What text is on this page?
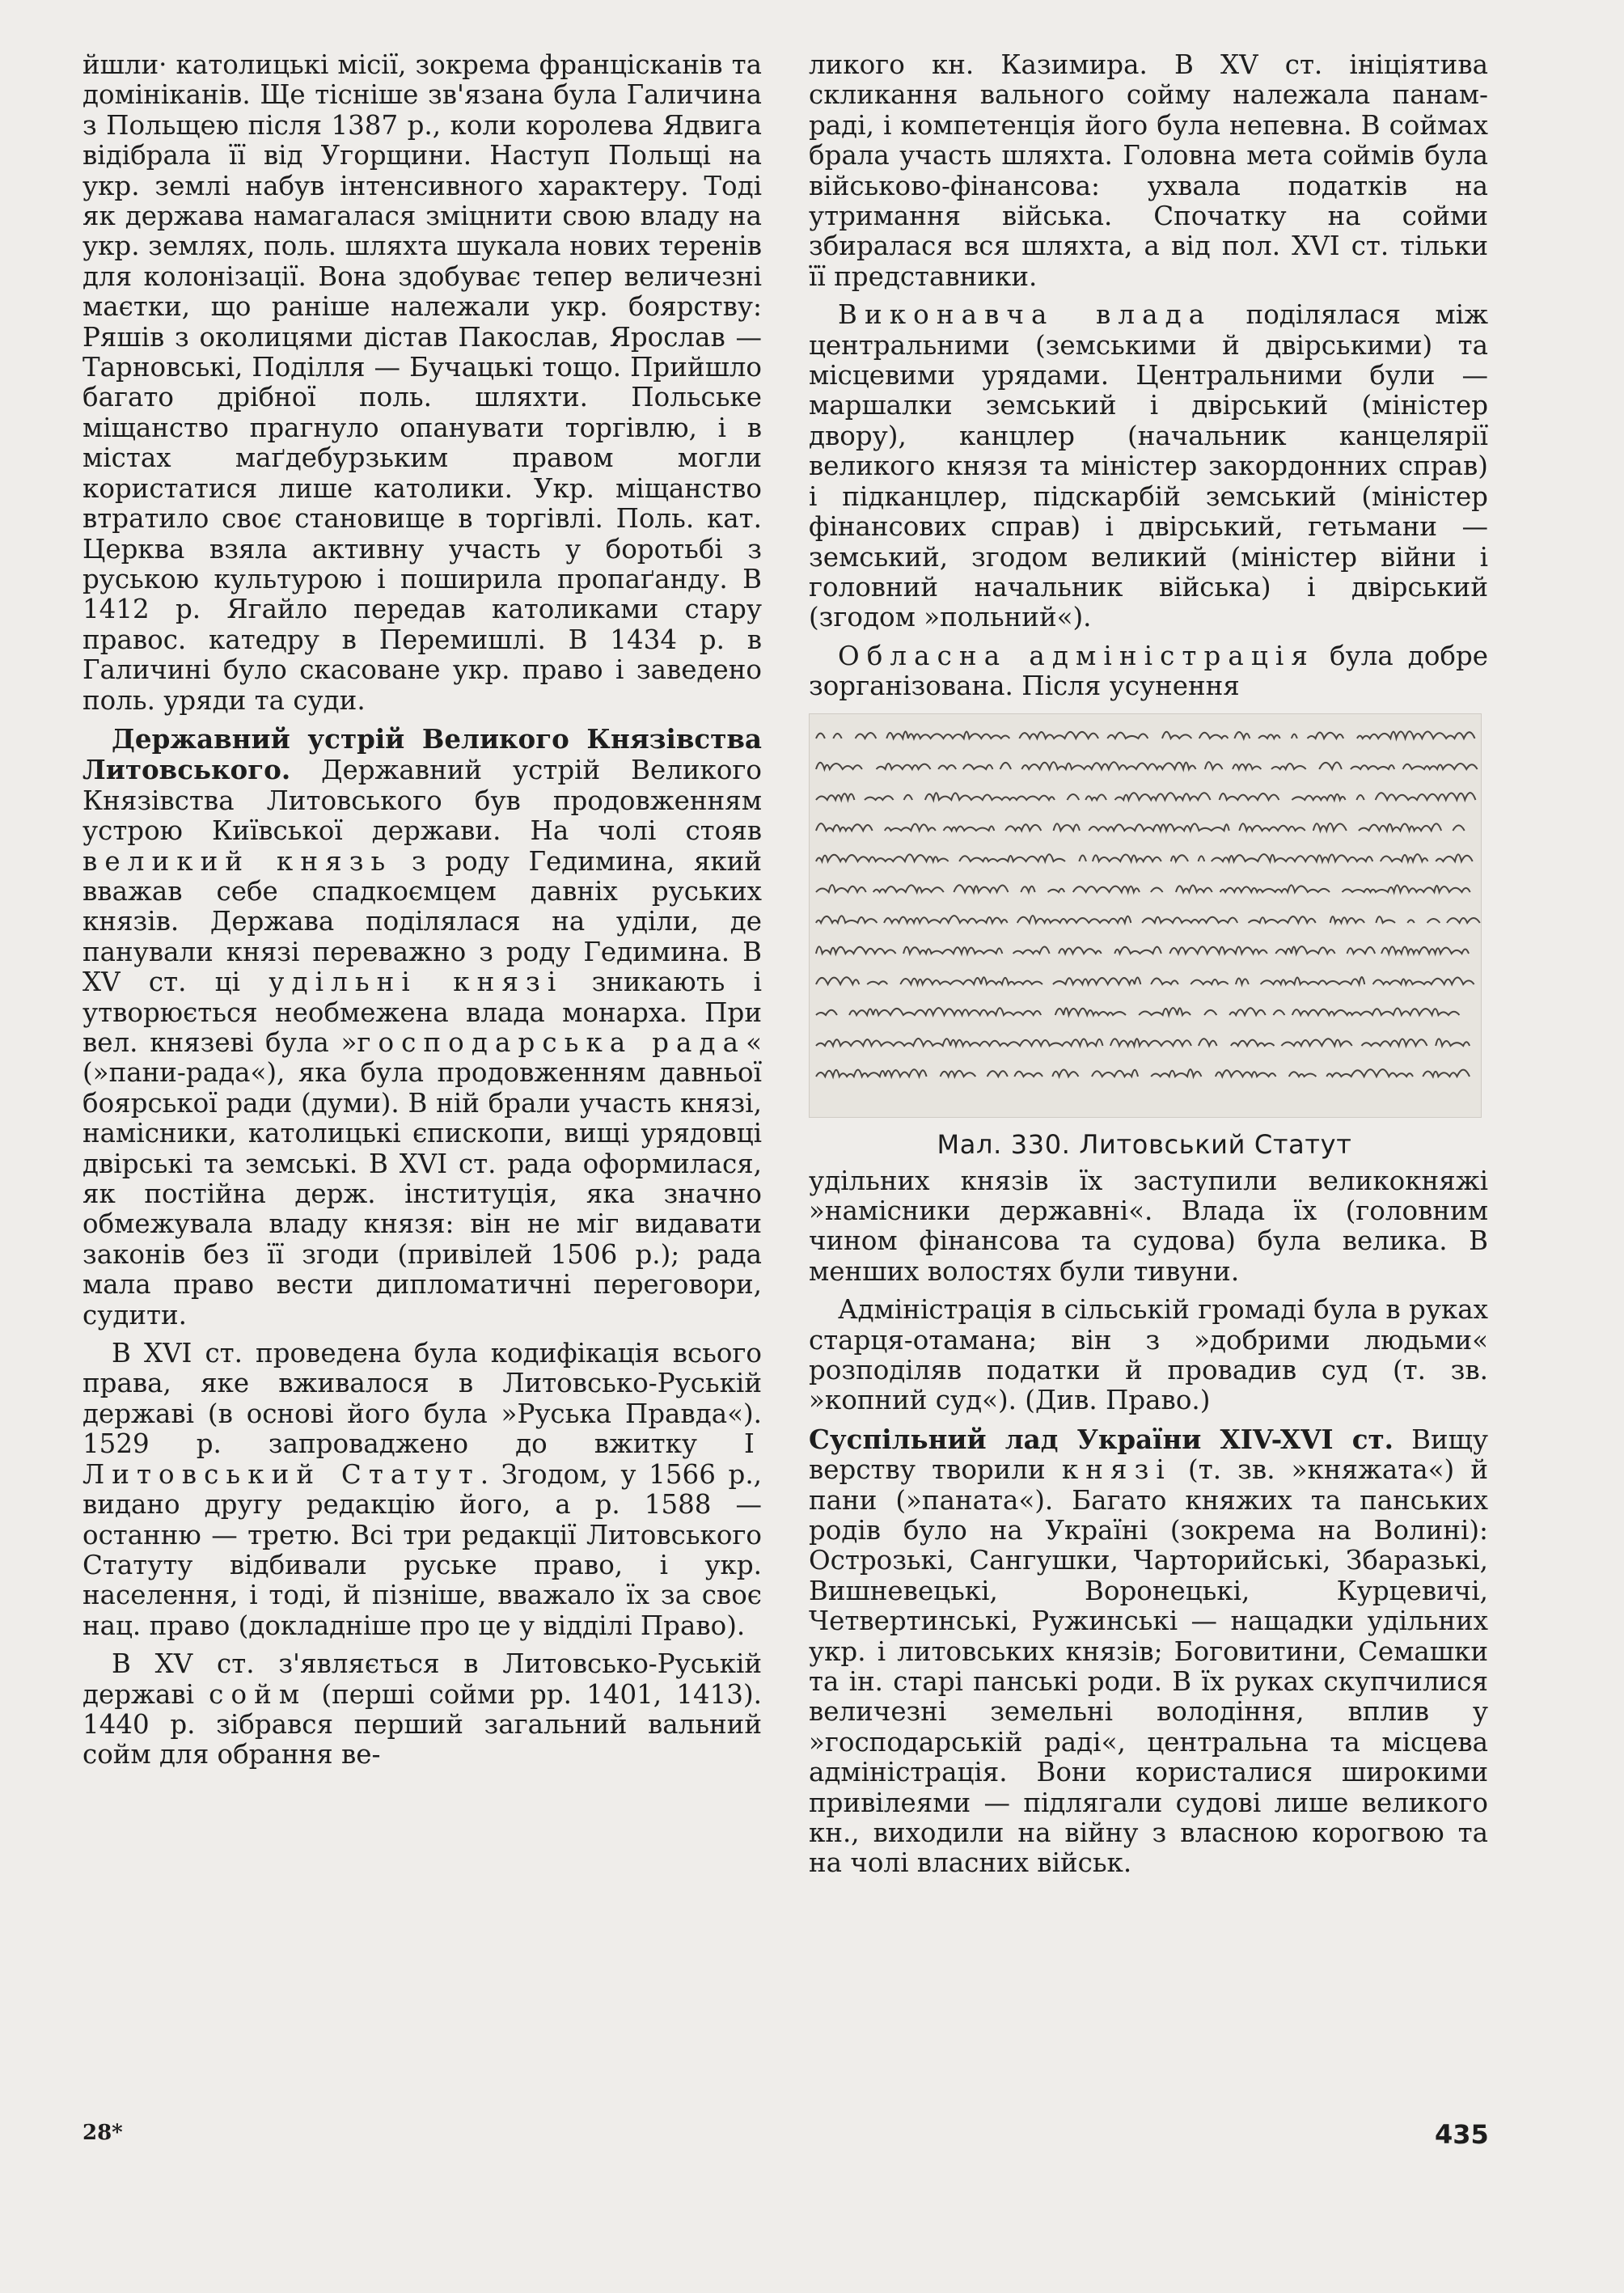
йшли· католицькі місії, зокрема францісканів та домініканів. Ще тісніше зв'язана була Галичина з Польщею після 1387 р., коли королева Ядвига відібрала її від Угорщини. Наступ Польщі на укр. землі набув інтенсивного характеру. Тоді як держава намагалася зміцнити свою владу на укр. землях, поль. шляхта шукала нових теренів для колонізації. Вона здобуває тепер величезні маєтки, що раніше належали укр. боярству: Ряшів з околицями дістав Пакослав, Ярослав — Тарновські, Поділля — Бучацькі тощо. Прийшло багато дрібної поль. шляхти. Польське міщанство прагнуло опанувати торгівлю, і в містах маґдебурзьким правом могли користатися лише католики. Укр. міщанство втратило своє становище в торгівлі. Поль. кат. Церква взяла активну участь у боротьбі з руською культурою і поширила пропаґанду. В 1412 р. Ягайло передав католиками стару правос. катедру в Перемишлі. В 1434 р. в Галичині було скасоване укр. право і заведено поль. уряди та суди.

Державний устрій Великого Князівства Литовського. Державний устрій Великого Князівства Литовського був продовженням устрою Київської держави. На чолі стояв великий князь з роду Гедимина, який вважав себе спадкоємцем давніх руських князів. Держава поділялася на уділи, де панували князі переважно з роду Гедимина. В XV ст. ці удільні князі зникають і утворюється необмежена влада монарха. При вел. князеві була »господарська рада« (»пани-рада«), яка була продовженням давньої боярської ради (думи). В ній брали участь князі, намісники, католицькі єпископи, вищі урядовці двірські та земські. В XVI ст. рада оформилася, як постійна держ. інституція, яка значно обмежувала владу князя: він не міг видавати законів без її згоди (привілей 1506 р.); рада мала право вести дипломатичні переговори, судити.

В XVI ст. проведена була кодифікація всього права, яке вживалося в Литовсько-Руській державі (в основі його була »Руська Правда«). 1529 р. запроваджено до вжитку І Литовський Статут. Згодом, у 1566 р., видано другу редакцію його, а р. 1588 — останню — третю. Всі три редакції Литовського Статуту відбивали руське право, і укр. населення, і тоді, й пізніше, вважало їх за своє нац. право (докладніше про це у відділі Право).

В XV ст. з'являється в Литовсько-Руській державі сойм (перші сойми рр. 1401, 1413). 1440 р. зібрався перший загальний вальний сойм для обрання ве-

ликого кн. Казимира. В XV ст. ініціятива скликання вального сойму належала панам-раді, і компетенція його була непевна. В соймах брала участь шляхта. Головна мета соймів була військово-фінансова: ухвала податків на утримання війська. Спочатку на сойми збиралася вся шляхта, а від пол. XVI ст. тільки її представники.

Виконавча влада поділялася між центральними (земськими й двірськими) та місцевими урядами. Центральними були —маршалки земський і двірський (міністер двору), канцлер (начальник канцелярії великого князя та міністер закордонних справ) і підканцлер, підскарбій земський (міністер фінансових справ) і двірський, гетьмани — земський, згодом великий (міністер війни і головний начальник війська) і двірський (згодом »польний«).

Обласна адміністрація була добре зорганізована. Після усунення

Мал. 330. Литовський Статут

удільних князів їх заступили великокняжі »намісники державні«. Влада їх (головним чином фінансова та судова) була велика. В менших волостях були тивуни.

Адміністрація в сільській громаді була в руках старця-отамана; він з »добрими людьми« розподіляв податки й провадив суд (т. зв. »копний суд«). (Див. Право.)

Суспільний лад України XIV-XVI ст. Вищу верству творили князі (т. зв. »княжата«) й пани (»паната«). Багато княжих та панських родів було на Україні (зокрема на Волині): Острозькі, Сангушки, Чарторийські, Збаразькі, Вишневецькі, Воронецькі, Курцевичі, Четвертинські, Ружинські — нащадки удільних укр. і литовських князів; Боговитини, Семашки та ін. старі панські роди. В їх руках скупчилися величезні земельні володіння, вплив у »господарській раді«, центральна та місцева адміністрація. Вони користалися широкими привілеями — підлягали судові лише великого кн., виходили на війну з власною корогвою та на чолі власних військ.

28*	435
